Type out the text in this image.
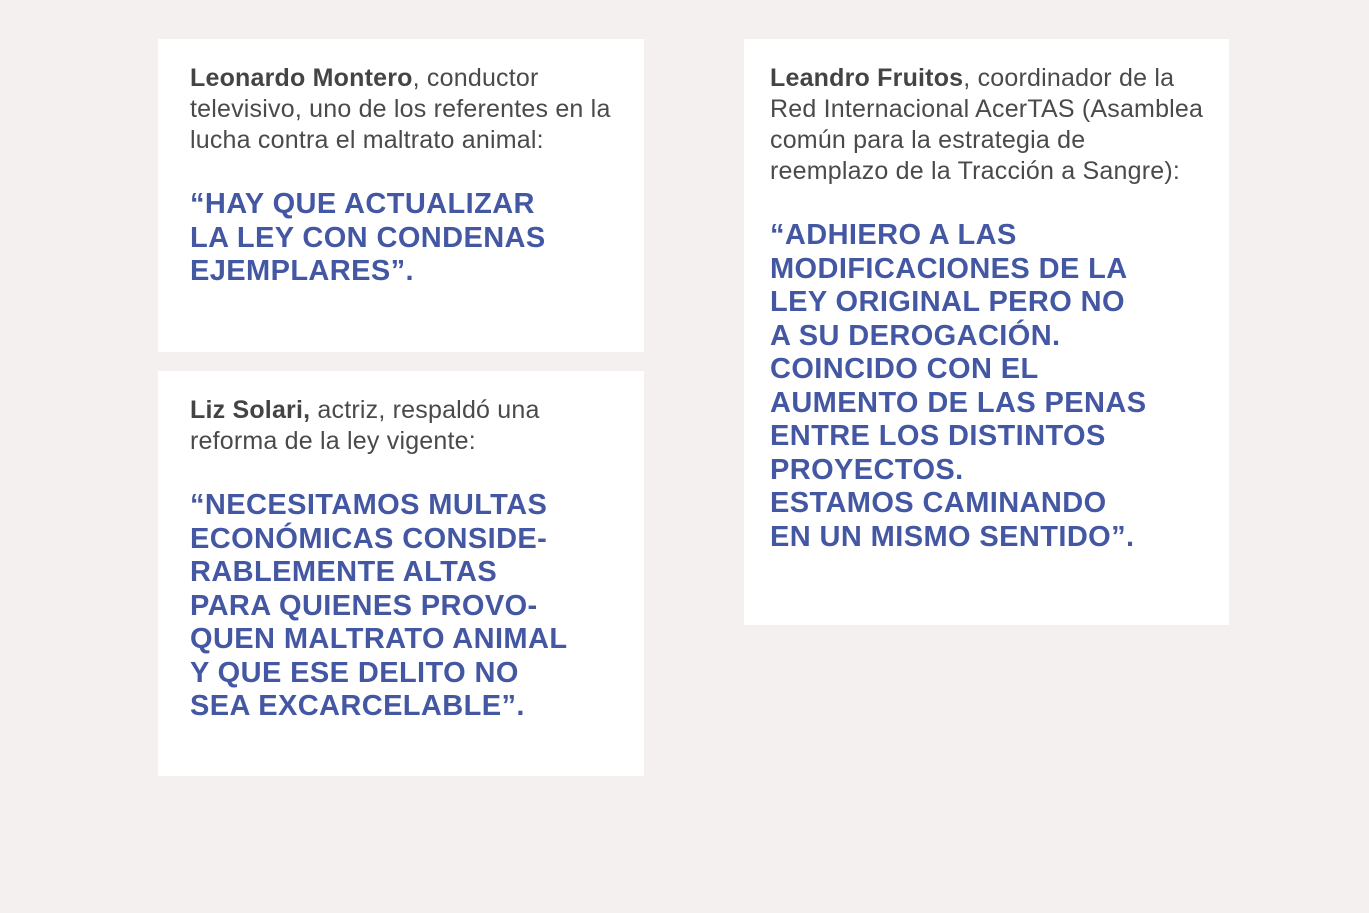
Leonardo Montero, conductor televisivo, uno de los referentes en la lucha contra el maltrato animal:

“HAY QUE ACTUALIZAR
LA LEY CON CONDENAS
EJEMPLARES”.

Liz Solari, actriz, respaldó una reforma de la ley vigente:

“NECESITAMOS MULTAS
ECONÓMICAS CONSIDE-
RABLEMENTE ALTAS
PARA QUIENES PROVO-
QUEN MALTRATO ANIMAL
Y QUE ESE DELITO NO
SEA EXCARCELABLE”.

Leandro Fruitos, coordinador de la Red Internacional AcerTAS (Asamblea común para la estrategia de reemplazo de la Tracción a Sangre):

“ADHIERO A LAS
MODIFICACIONES DE LA
LEY ORIGINAL PERO NO
A SU DEROGACIÓN.
COINCIDO CON EL
AUMENTO DE LAS PENAS
ENTRE LOS DISTINTOS
PROYECTOS.
ESTAMOS CAMINANDO
EN UN MISMO SENTIDO”.
